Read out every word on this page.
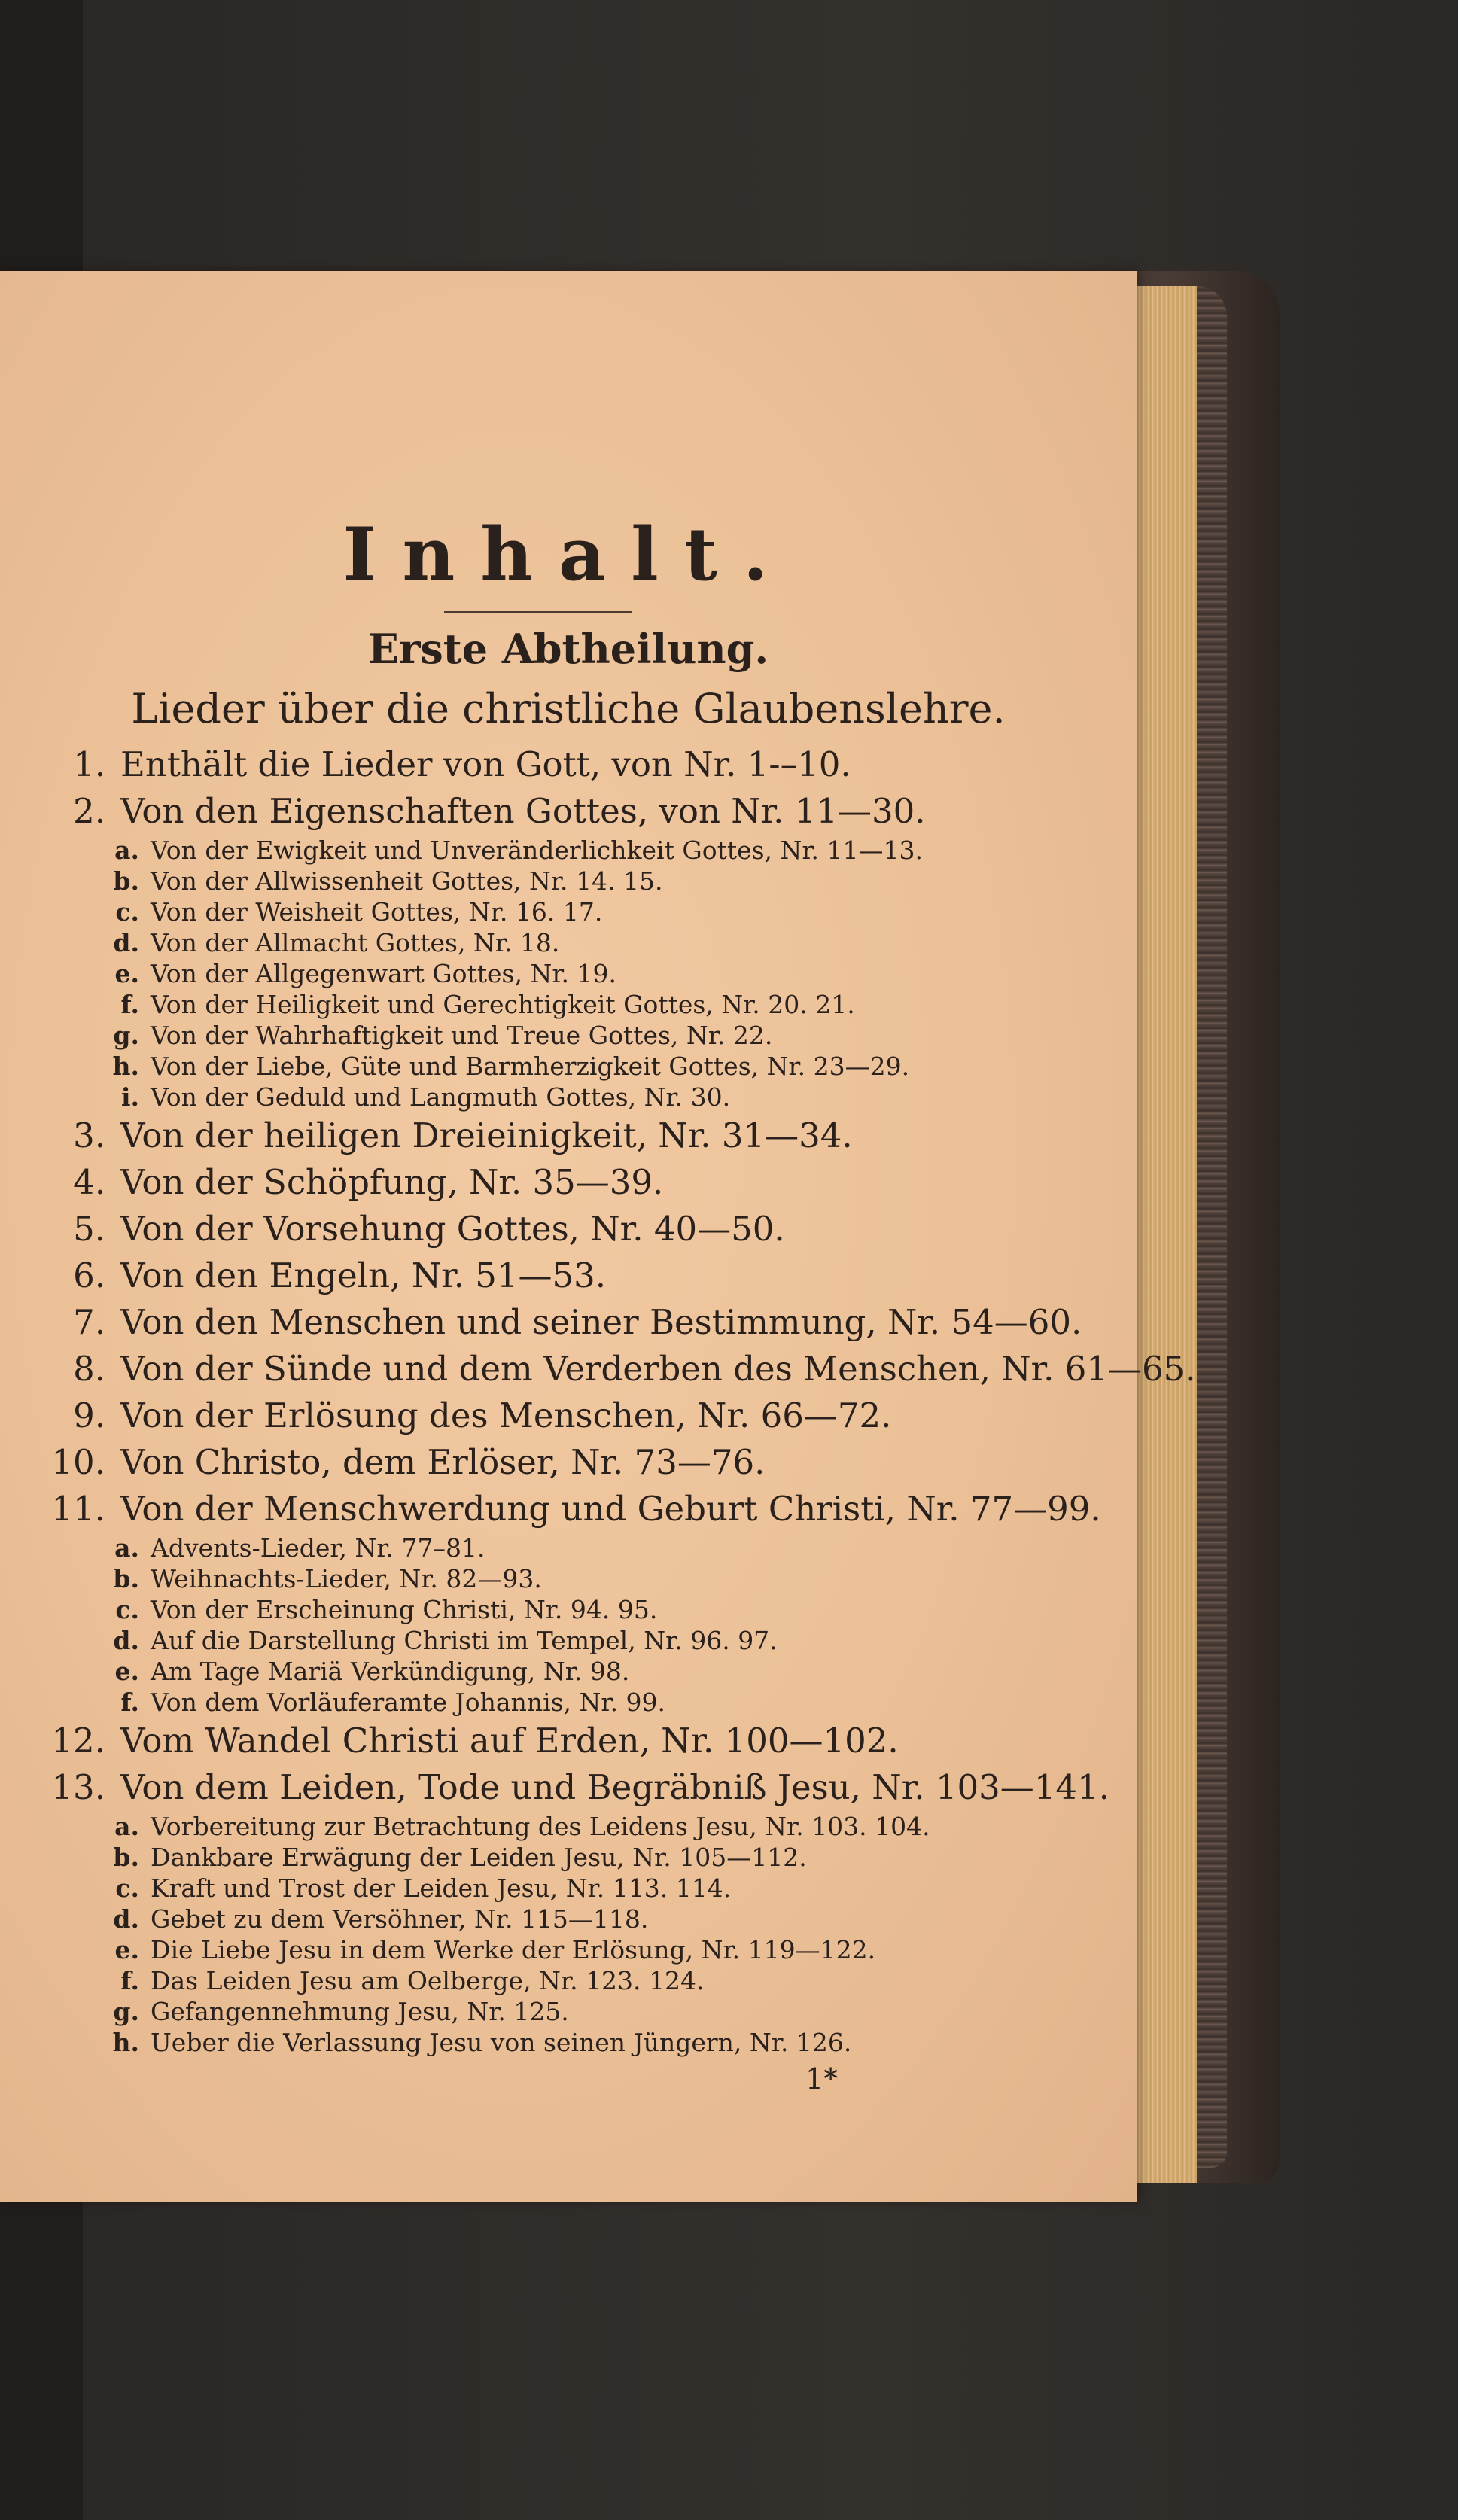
Inhalt.
Erste Abtheilung.
Lieder über die christliche Glaubenslehre.
1. Enthält die Lieder von Gott, von Nr. 1-–10.
2. Von den Eigenschaften Gottes, von Nr. 11—30.
a. Von der Ewigkeit und Unveränderlichkeit Gottes, Nr. 11—13.
b. Von der Allwissenheit Gottes, Nr. 14. 15.
c. Von der Weisheit Gottes, Nr. 16. 17.
d. Von der Allmacht Gottes, Nr. 18.
e. Von der Allgegenwart Gottes, Nr. 19.
f. Von der Heiligkeit und Gerechtigkeit Gottes, Nr. 20. 21.
g. Von der Wahrhaftigkeit und Treue Gottes, Nr. 22.
h. Von der Liebe, Güte und Barmherzigkeit Gottes, Nr. 23—29.
i. Von der Geduld und Langmuth Gottes, Nr. 30.
3. Von der heiligen Dreieinigkeit, Nr. 31—34.
4. Von der Schöpfung, Nr. 35—39.
5. Von der Vorsehung Gottes, Nr. 40—50.
6. Von den Engeln, Nr. 51—53.
7. Von den Menschen und seiner Bestimmung, Nr. 54—60.
8. Von der Sünde und dem Verderben des Menschen, Nr. 61—65.
9. Von der Erlösung des Menschen, Nr. 66—72.
10. Von Christo, dem Erlöser, Nr. 73—76.
11. Von der Menschwerdung und Geburt Christi, Nr. 77—99.
a. Advents-Lieder, Nr. 77–81.
b. Weihnachts-Lieder, Nr. 82—93.
c. Von der Erscheinung Christi, Nr. 94. 95.
d. Auf die Darstellung Christi im Tempel, Nr. 96. 97.
e. Am Tage Mariä Verkündigung, Nr. 98.
f. Von dem Vorläuferamte Johannis, Nr. 99.
12. Vom Wandel Christi auf Erden, Nr. 100—102.
13. Von dem Leiden, Tode und Begräbniß Jesu, Nr. 103—141.
a. Vorbereitung zur Betrachtung des Leidens Jesu, Nr. 103. 104.
b. Dankbare Erwägung der Leiden Jesu, Nr. 105—112.
c. Kraft und Trost der Leiden Jesu, Nr. 113. 114.
d. Gebet zu dem Versöhner, Nr. 115—118.
e. Die Liebe Jesu in dem Werke der Erlösung, Nr. 119—122.
f. Das Leiden Jesu am Oelberge, Nr. 123. 124.
g. Gefangennehmung Jesu, Nr. 125.
h. Ueber die Verlassung Jesu von seinen Jüngern, Nr. 126.
1*
